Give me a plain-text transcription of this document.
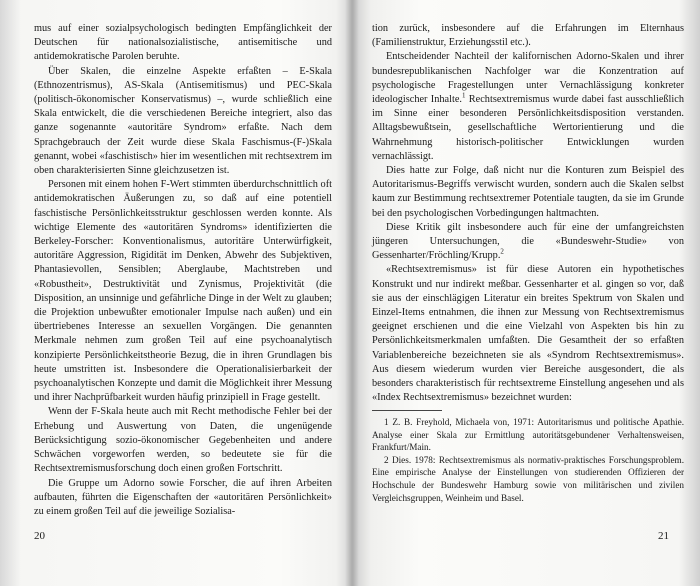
mus auf einer sozialpsychologisch bedingten Empfänglichkeit der Deutschen für nationalsozialistische, antisemitische und antidemokratische Parolen beruhte.

Über Skalen, die einzelne Aspekte erfaßten – E-Skala (Ethnozentrismus), AS-Skala (Antisemitismus) und PEC-Skala (politisch-ökonomischer Konservatismus) –, wurde schließlich eine Skala entwickelt, die die verschiedenen Bereiche integriert, also das ganze sogenannte «autoritäre Syndrom» erfaßte. Nach dem Sprachgebrauch der Zeit wurde diese Skala Faschismus-(F-)Skala genannt, wobei «faschistisch» hier im wesentlichen mit rechtsextrem im oben charakterisierten Sinne gleichzusetzen ist.

Personen mit einem hohen F-Wert stimmten überdurchschnittlich oft antidemokratischen Äußerungen zu, so daß auf eine potentiell faschistische Persönlichkeitsstruktur geschlossen werden konnte. Als wichtige Elemente des «autoritären Syndroms» identifizierten die Berkeley-Forscher: Konventionalismus, autoritäre Unterwürfigkeit, autoritäre Aggression, Rigidität im Denken, Abwehr des Subjektiven, Phantasievollen, Sensiblen; Aberglaube, Machtstreben und «Robustheit», Destruktivität und Zynismus, Projektivität (die Disposition, an unsinnige und gefährliche Dinge in der Welt zu glauben; die Projektion unbewußter emotionaler Impulse nach außen) und ein übertriebenes Interesse an sexuellen Vorgängen. Die genannten Merkmale nehmen zum großen Teil auf eine psychoanalytisch konzipierte Persönlichkeitstheorie Bezug, die in ihren Grundlagen bis heute umstritten ist. Insbesondere die Operationalisierbarkeit der psychoanalytischen Konzepte und damit die Möglichkeit ihrer Messung und ihrer Nachprüfbarkeit wurden häufig prinzipiell in Frage gestellt.

Wenn der F-Skala heute auch mit Recht methodische Fehler bei der Erhebung und Auswertung von Daten, die ungenügende Berücksichtigung sozio-ökonomischer Gegebenheiten und andere Schwächen vorgeworfen werden, so bedeutete sie für die Rechtsextremismusforschung doch einen großen Fortschritt.

Die Gruppe um Adorno sowie Forscher, die auf ihren Arbeiten aufbauten, führten die Eigenschaften der «autoritären Persönlichkeit» zu einem großen Teil auf die jeweilige Sozialisa-

20

tion zurück, insbesondere auf die Erfahrungen im Elternhaus (Familienstruktur, Erziehungsstil etc.).

Entscheidender Nachteil der kalifornischen Adorno-Skalen und ihrer bundesrepublikanischen Nachfolger war die Konzentration auf psychologische Fragestellungen unter Vernachlässigung konkreter ideologischer Inhalte.$^1$ Rechtsextremismus wurde dabei fast ausschließlich im Sinne einer besonderen Persönlichkeitsdisposition verstanden. Alltagsbewußtsein, gesellschaftliche Wertorientierung und die Wahrnehmung historisch-politischer Entwicklungen wurden vernachlässigt.

Dies hatte zur Folge, daß nicht nur die Konturen zum Beispiel des Autoritarismus-Begriffs verwischt wurden, sondern auch die Skalen selbst kaum zur Bestimmung rechtsextremer Potentiale taugten, da sie im Grunde bei den psychologischen Vorbedingungen haltmachten.

Diese Kritik gilt insbesondere auch für eine der umfangreichsten jüngeren Untersuchungen, die «Bundeswehr-Studie» von Gessenharter/Fröchling/Krupp.$^2$

«Rechtsextremismus» ist für diese Autoren ein hypothetisches Konstrukt und nur indirekt meßbar. Gessenharter et al. gingen so vor, daß sie aus der einschlägigen Literatur ein breites Spektrum von Skalen und Einzel-Items entnahmen, die ihnen zur Messung von Rechtsextremismus geeignet erschienen und die eine Vielzahl von Aspekten bis hin zu Persönlichkeitsmerkmalen umfaßten. Die Gesamtheit der so erfaßten Variablenbereiche bezeichneten sie als «Syndrom Rechtsextremismus». Aus diesem wiederum wurden vier Bereiche ausgesondert, die als besonders charakteristisch für rechtsextreme Einstellung angesehen und als «Index Rechtsextremismus» bezeichnet wurden:

1 Z. B. Freyhold, Michaela von, 1971: Autoritarismus und politische Apathie. Analyse einer Skala zur Ermittlung autoritätsgebundener Verhaltensweisen, Frankfurt/Main.

2 Dies. 1978: Rechtsextremismus als normativ-praktisches Forschungsproblem. Eine empirische Analyse der Einstellungen von studierenden Offizieren der Hochschule der Bundeswehr Hamburg sowie von militärischen und zivilen Vergleichsgruppen, Weinheim und Basel.

21
